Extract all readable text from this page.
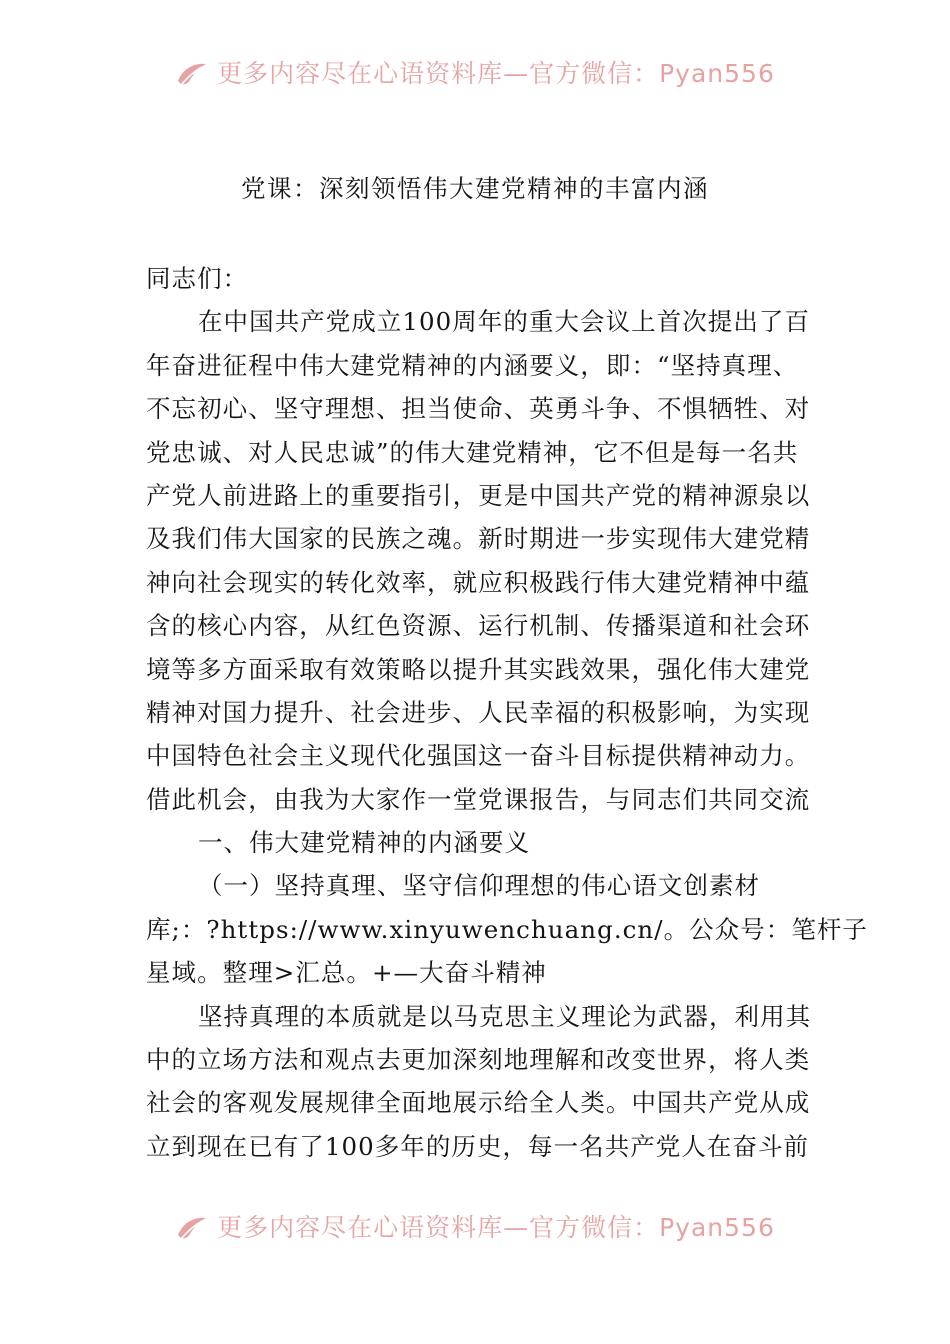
更多内容尽在心语资料库—官方微信：Pyan556
党课：深刻领悟伟大建党精神的丰富内涵
同志们：
在中国共产党成立100周年的重大会议上首次提出了百
年奋进征程中伟大建党精神的内涵要义，即：“坚持真理、
不忘初心、坚守理想、担当使命、英勇斗争、不惧牺牲、对
党忠诚、对人民忠诚”的伟大建党精神，它不但是每一名共
产党人前进路上的重要指引，更是中国共产党的精神源泉以
及我们伟大国家的民族之魂。新时期进一步实现伟大建党精
神向社会现实的转化效率，就应积极践行伟大建党精神中蕴
含的核心内容，从红色资源、运行机制、传播渠道和社会环
境等多方面采取有效策略以提升其实践效果，强化伟大建党
精神对国力提升、社会进步、人民幸福的积极影响，为实现
中国特色社会主义现代化强国这一奋斗目标提供精神动力。
借此机会，由我为大家作一堂党课报告，与同志们共同交流
一、伟大建党精神的内涵要义
（一）坚持真理、坚守信仰理想的伟心语文创素材
库;：?https://www.xinyuwenchuang.cn/。公众号：笔杆子
星域。整理>汇总。+—大奋斗精神
坚持真理的本质就是以马克思主义理论为武器，利用其
中的立场方法和观点去更加深刻地理解和改变世界，将人类
社会的客观发展规律全面地展示给全人类。中国共产党从成
立到现在已有了100多年的历史，每一名共产党人在奋斗前
更多内容尽在心语资料库—官方微信：Pyan556
